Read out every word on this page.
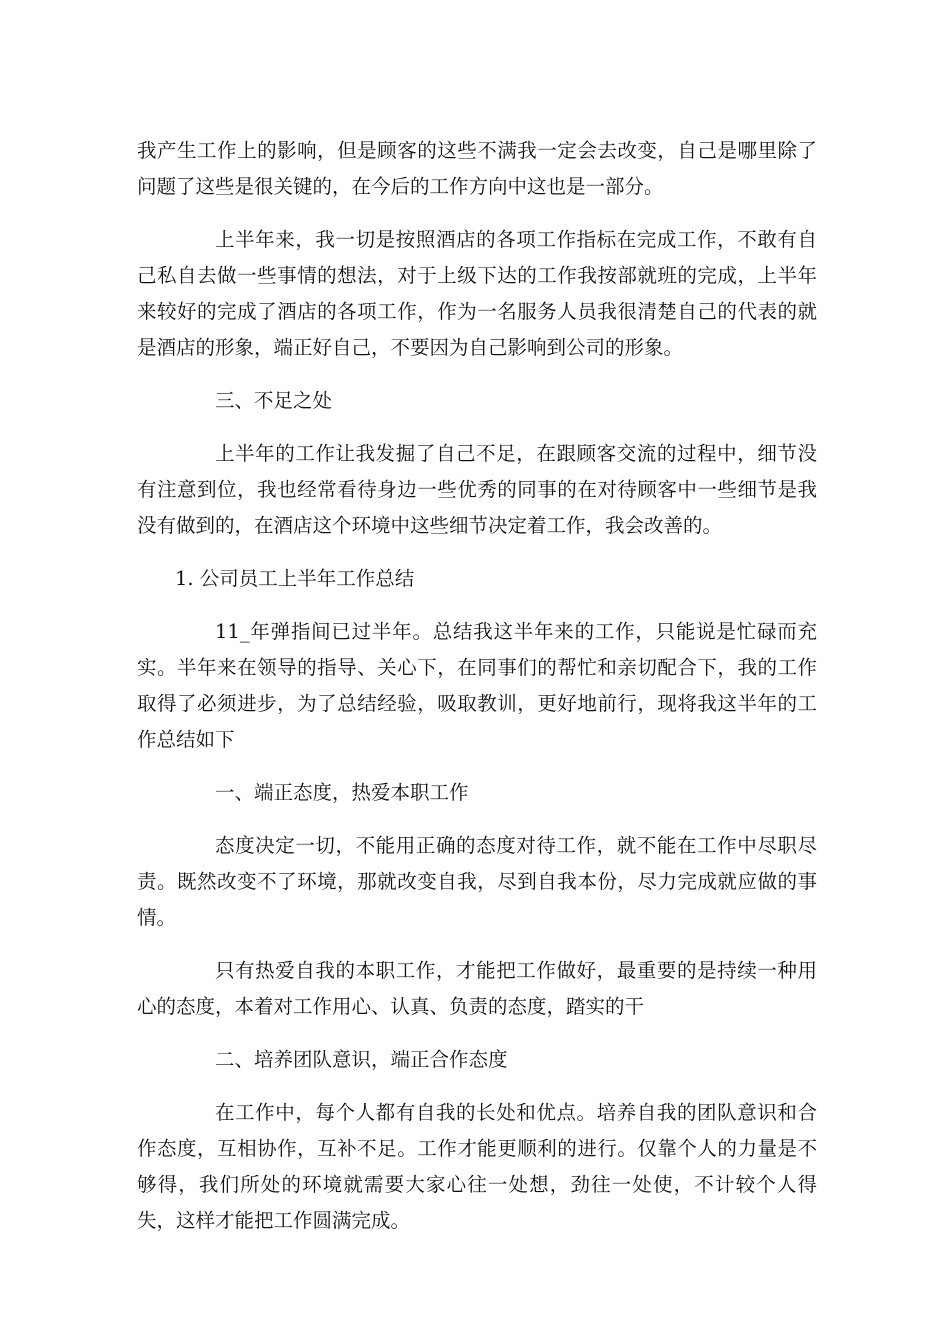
我产生工作上的影响，但是顾客的这些不满我一定会去改变，自己是哪里除了问题了这些是很关键的，在今后的工作方向中这也是一部分。

上半年来，我一切是按照酒店的各项工作指标在完成工作，不敢有自己私自去做一些事情的想法，对于上级下达的工作我按部就班的完成，上半年来较好的完成了酒店的各项工作，作为一名服务人员我很清楚自己的代表的就是酒店的形象，端正好自己，不要因为自己影响到公司的形象。

三、不足之处

上半年的工作让我发掘了自己不足，在跟顾客交流的过程中，细节没有注意到位，我也经常看待身边一些优秀的同事的在对待顾客中一些细节是我没有做到的，在酒店这个环境中这些细节决定着工作，我会改善的。

1. 公司员工上半年工作总结

11_年弹指间已过半年。总结我这半年来的工作，只能说是忙碌而充实。半年来在领导的指导、关心下，在同事们的帮忙和亲切配合下，我的工作取得了必须进步，为了总结经验，吸取教训，更好地前行，现将我这半年的工作总结如下

一、端正态度，热爱本职工作

态度决定一切，不能用正确的态度对待工作，就不能在工作中尽职尽责。既然改变不了环境，那就改变自我，尽到自我本份，尽力完成就应做的事情。

只有热爱自我的本职工作，才能把工作做好，最重要的是持续一种用心的态度，本着对工作用心、认真、负责的态度，踏实的干

二、培养团队意识，端正合作态度

在工作中，每个人都有自我的长处和优点。培养自我的团队意识和合作态度，互相协作，互补不足。工作才能更顺利的进行。仅靠个人的力量是不够得，我们所处的环境就需要大家心往一处想，劲往一处使，不计较个人得失，这样才能把工作圆满完成。
